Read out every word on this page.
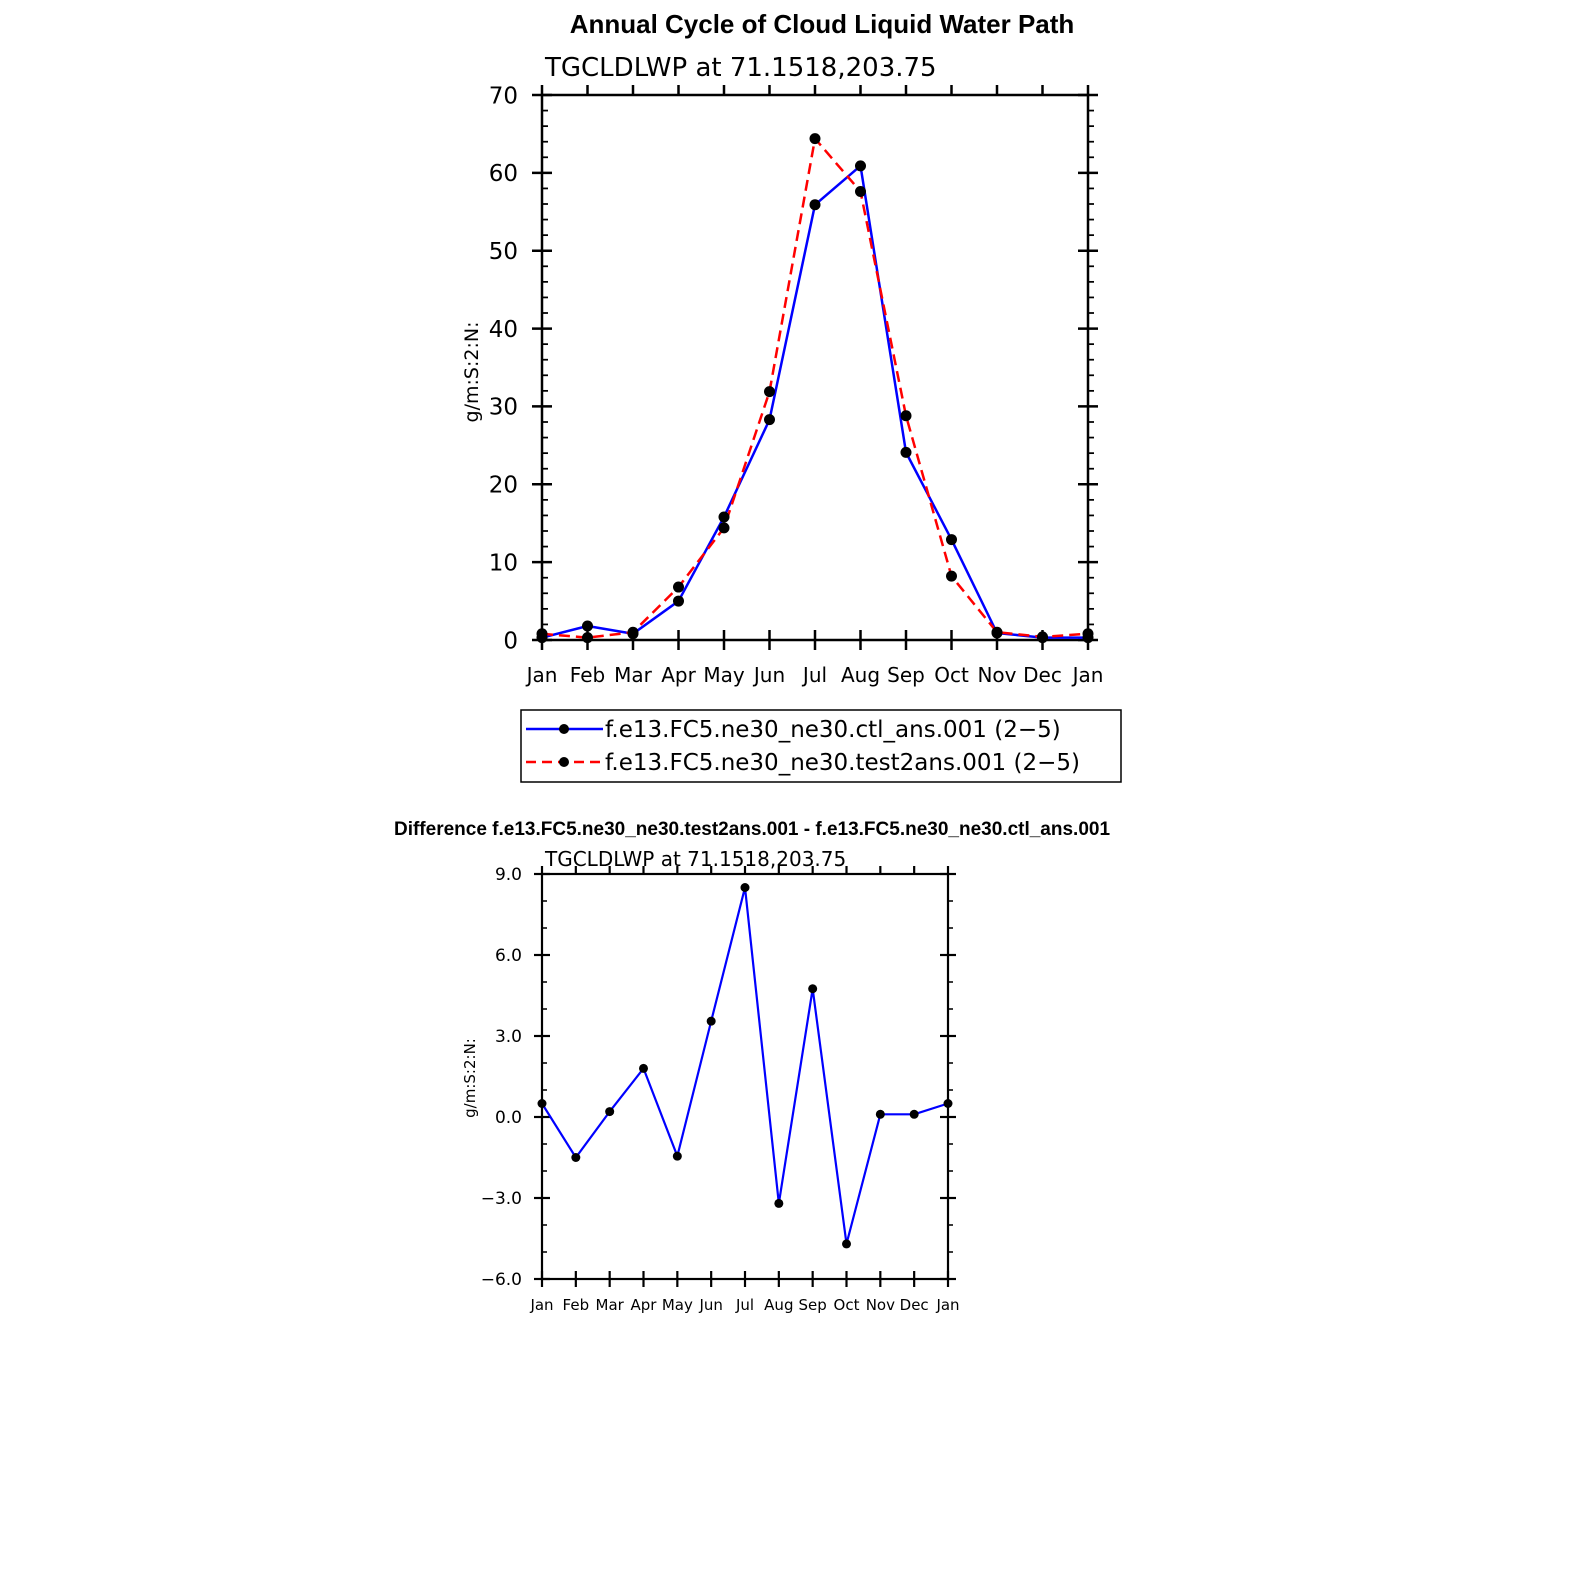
Annual Cycle of Cloud Liquid Water Path
TGCLDLWP at 71.1518,203.75
g/m:S:2:N:
Difference f.e13.FC5.ne30_ne30.test2ans.001 - f.e13.FC5.ne30_ne30.ctl_ans.001
TGCLDLWP at 71.1518,203.75
g/m:S:2:N:
f.e13.FC5.ne30_ne30.ctl_ans.001 (2−5)
f.e13.FC5.ne30_ne30.test2ans.001 (2−5)
Jan Feb Mar Apr May Jun Jul Aug Sep Oct Nov Dec Jan
0
10
20
30
40
50
60
70
Jan Feb Mar Apr May Jun Jul Aug Sep Oct Nov Dec Jan
−6.0
−3.0
0.0
3.0
6.0
9.0
